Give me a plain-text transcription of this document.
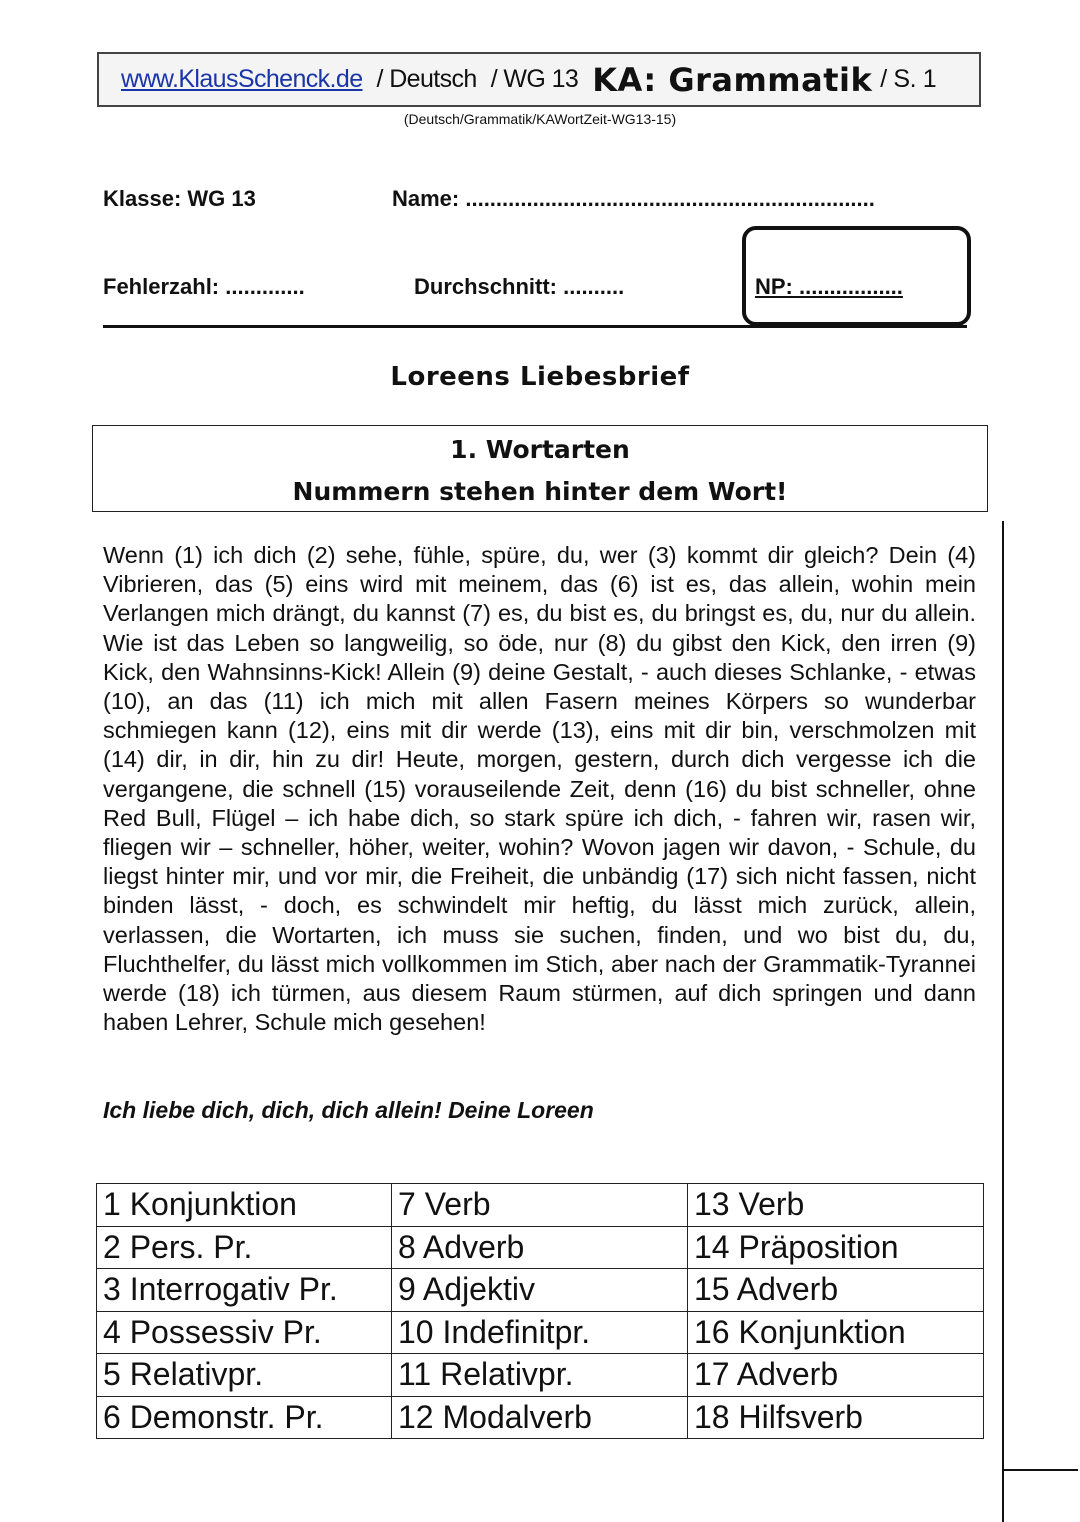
www.KlausSchenck.de / Deutsch / WG 13 KA: Grammatik / S. 1
(Deutsch/Grammatik/KAWortZeit-WG13-15)
Klasse: WG 13	Name: ...................................................................
Fehlerzahl: .............	Durchschnitt: ..........	NP: .................
Loreens Liebesbrief
1. Wortarten
Nummern stehen hinter dem Wort!

Wenn (1) ich dich (2) sehe, fühle, spüre, du, wer (3) kommt dir gleich? Dein (4) Vibrieren, das (5) eins wird mit meinem, das (6) ist es, das allein, wohin mein Verlangen mich drängt, du kannst (7) es, du bist es, du bringst es, du, nur du allein. Wie ist das Leben so langweilig, so öde, nur (8) du gibst den Kick, den irren (9) Kick, den Wahnsinns-Kick! Allein (9) deine Gestalt, - auch dieses Schlanke, - etwas (10), an das (11) ich mich mit allen Fasern meines Körpers so wunderbar schmiegen kann (12), eins mit dir werde (13), eins mit dir bin, verschmolzen mit (14) dir, in dir, hin zu dir! Heute, morgen, gestern, durch dich vergesse ich die vergangene, die schnell (15) vorauseilende Zeit, denn (16) du bist schneller, ohne Red Bull, Flügel – ich habe dich, so stark spüre ich dich, - fahren wir, rasen wir, fliegen wir – schneller, höher, weiter, wohin? Wovon jagen wir davon, - Schule, du liegst hinter mir, und vor mir, die Freiheit, die unbändig (17) sich nicht fassen, nicht binden lässt, - doch, es schwindelt mir heftig, du lässt mich zurück, allein, verlassen, die Wortarten, ich muss sie suchen, finden, und wo bist du, du, Fluchthelfer, du lässt mich vollkommen im Stich, aber nach der Grammatik-Tyrannei werde (18) ich türmen, aus diesem Raum stürmen, auf dich springen und dann haben Lehrer, Schule mich gesehen!

Ich liebe dich, dich, dich allein! Deine Loreen

1 Konjunktion	7 Verb	13 Verb
2 Pers. Pr.	8 Adverb	14 Präposition
3 Interrogativ Pr.	9 Adjektiv	15 Adverb
4 Possessiv Pr.	10 Indefinitpr.	16 Konjunktion
5 Relativpr.	11 Relativpr.	17 Adverb
6 Demonstr. Pr.	12 Modalverb	18 Hilfsverb
